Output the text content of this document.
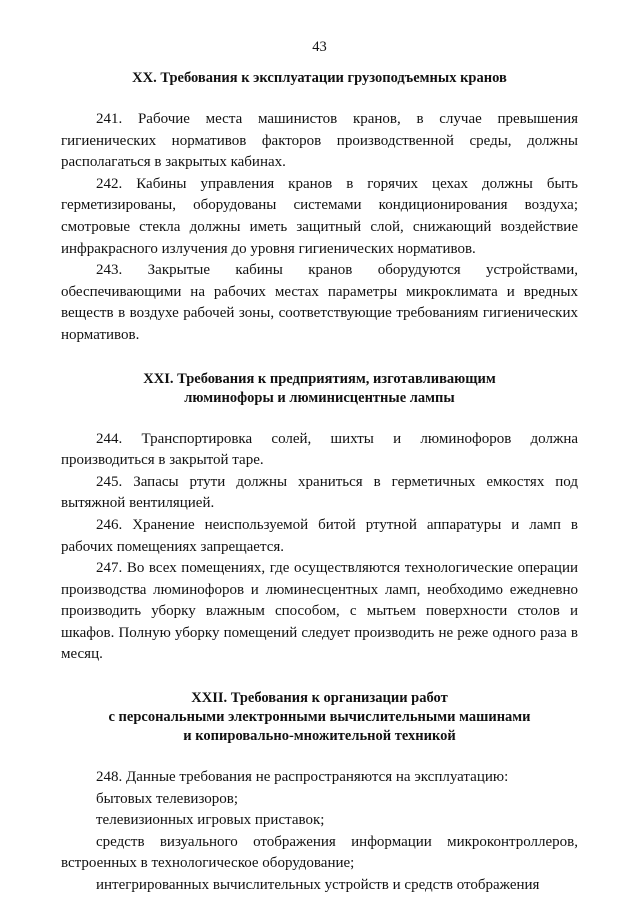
43
XX. Требования к эксплуатации грузоподъемных кранов

241. Рабочие места машинистов кранов, в случае превышения гигиенических нормативов факторов производственной среды, должны располагаться в закрытых кабинах.

242. Кабины управления кранов в горячих цехах должны быть герметизированы, оборудованы системами кондиционирования воздуха; смотровые стекла должны иметь защитный слой, снижающий воздействие инфракрасного излучения до уровня гигиенических нормативов.

243. Закрытые кабины кранов оборудуются устройствами, обеспечивающими на рабочих местах параметры микроклимата и вредных веществ в воздухе рабочей зоны, соответствующие требованиям гигиенических нормативов.

XXI. Требования к предприятиям, изготавливающим
люминофоры и люминисцентные лампы

244. Транспортировка солей, шихты и люминофоров должна производиться в закрытой таре.

245. Запасы ртути должны храниться в герметичных емкостях под вытяжной вентиляцией.

246. Хранение неиспользуемой битой ртутной аппаратуры и ламп в рабочих помещениях запрещается.

247. Во всех помещениях, где осуществляются технологические операции производства люминофоров и люминесцентных ламп, необходимо ежедневно производить уборку влажным способом, с мытьем поверхности столов и шкафов. Полную уборку помещений следует производить не реже одного раза в месяц.

XXII. Требования к организации работ
с персональными электронными вычислительными машинами
и копировально-множительной техникой

248. Данные требования не распространяются на эксплуатацию:

бытовых телевизоров;

телевизионных игровых приставок;

средств визуального отображения информации микроконтроллеров, встроенных в технологическое оборудование;

интегрированных вычислительных устройств и средств отображения
